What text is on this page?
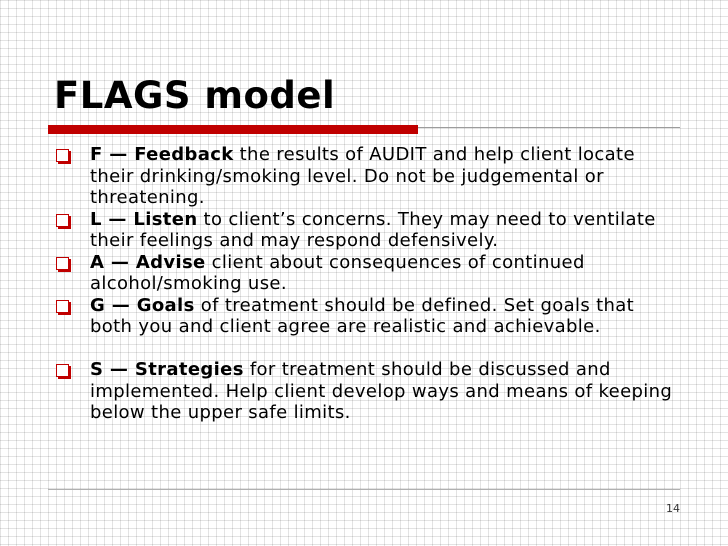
FLAGS model
F — Feedback the results of AUDIT and help client locate their drinking/smoking level. Do not be judgemental or threatening.
L — Listen to client’s concerns. They may need to ventilate their feelings and may respond defensively.
A — Advise client about consequences of continued alcohol/smoking use.
G — Goals of treatment should be defined. Set goals that both you and client agree are realistic and achievable.
S — Strategies for treatment should be discussed and implemented. Help client develop ways and means of keeping below the upper safe limits.
14
